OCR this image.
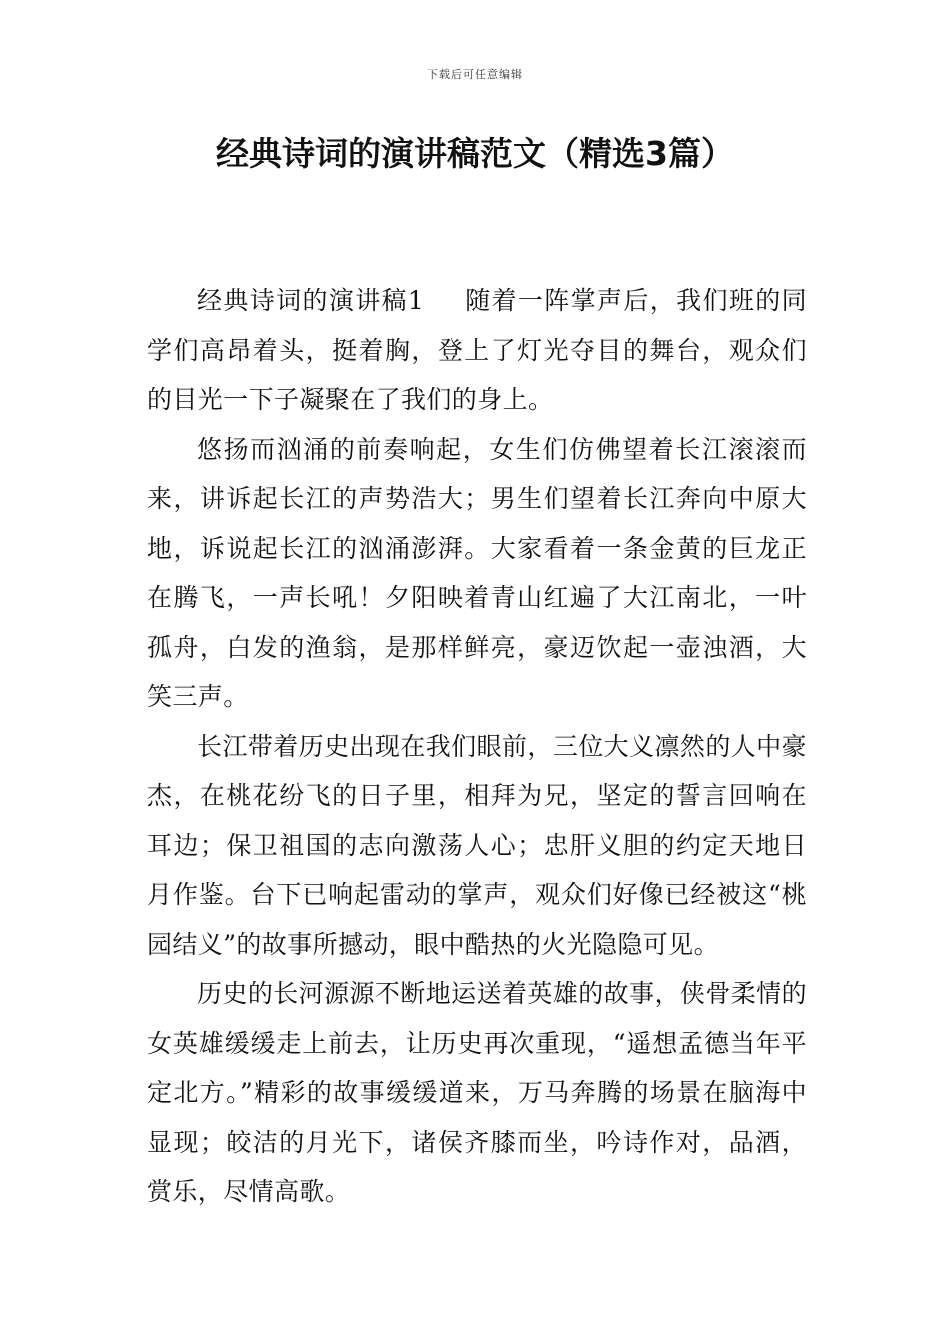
下载后可任意编辑
经典诗词的演讲稿范文（精选3篇）

经典诗词的演讲稿1 随着一阵掌声后，我们班的同学们高昂着头，挺着胸，登上了灯光夺目的舞台，观众们的目光一下子凝聚在了我们的身上。

悠扬而汹涌的前奏响起，女生们仿佛望着长江滚滚而来，讲诉起长江的声势浩大；男生们望着长江奔向中原大地，诉说起长江的汹涌澎湃。大家看着一条金黄的巨龙正在腾飞，一声长吼！夕阳映着青山红遍了大江南北，一叶孤舟，白发的渔翁，是那样鲜亮，豪迈饮起一壶浊酒，大笑三声。

长江带着历史出现在我们眼前，三位大义凛然的人中豪杰，在桃花纷飞的日子里，相拜为兄，坚定的誓言回响在耳边；保卫祖国的志向激荡人心；忠肝义胆的约定天地日月作鉴。台下已响起雷动的掌声，观众们好像已经被这“桃园结义”的故事所撼动，眼中酷热的火光隐隐可见。

历史的长河源源不断地运送着英雄的故事，侠骨柔情的女英雄缓缓走上前去，让历史再次重现，“遥想孟德当年平定北方。”精彩的故事缓缓道来，万马奔腾的场景在脑海中显现；皎洁的月光下，诸侯齐膝而坐，吟诗作对，品酒，赏乐，尽情高歌。
